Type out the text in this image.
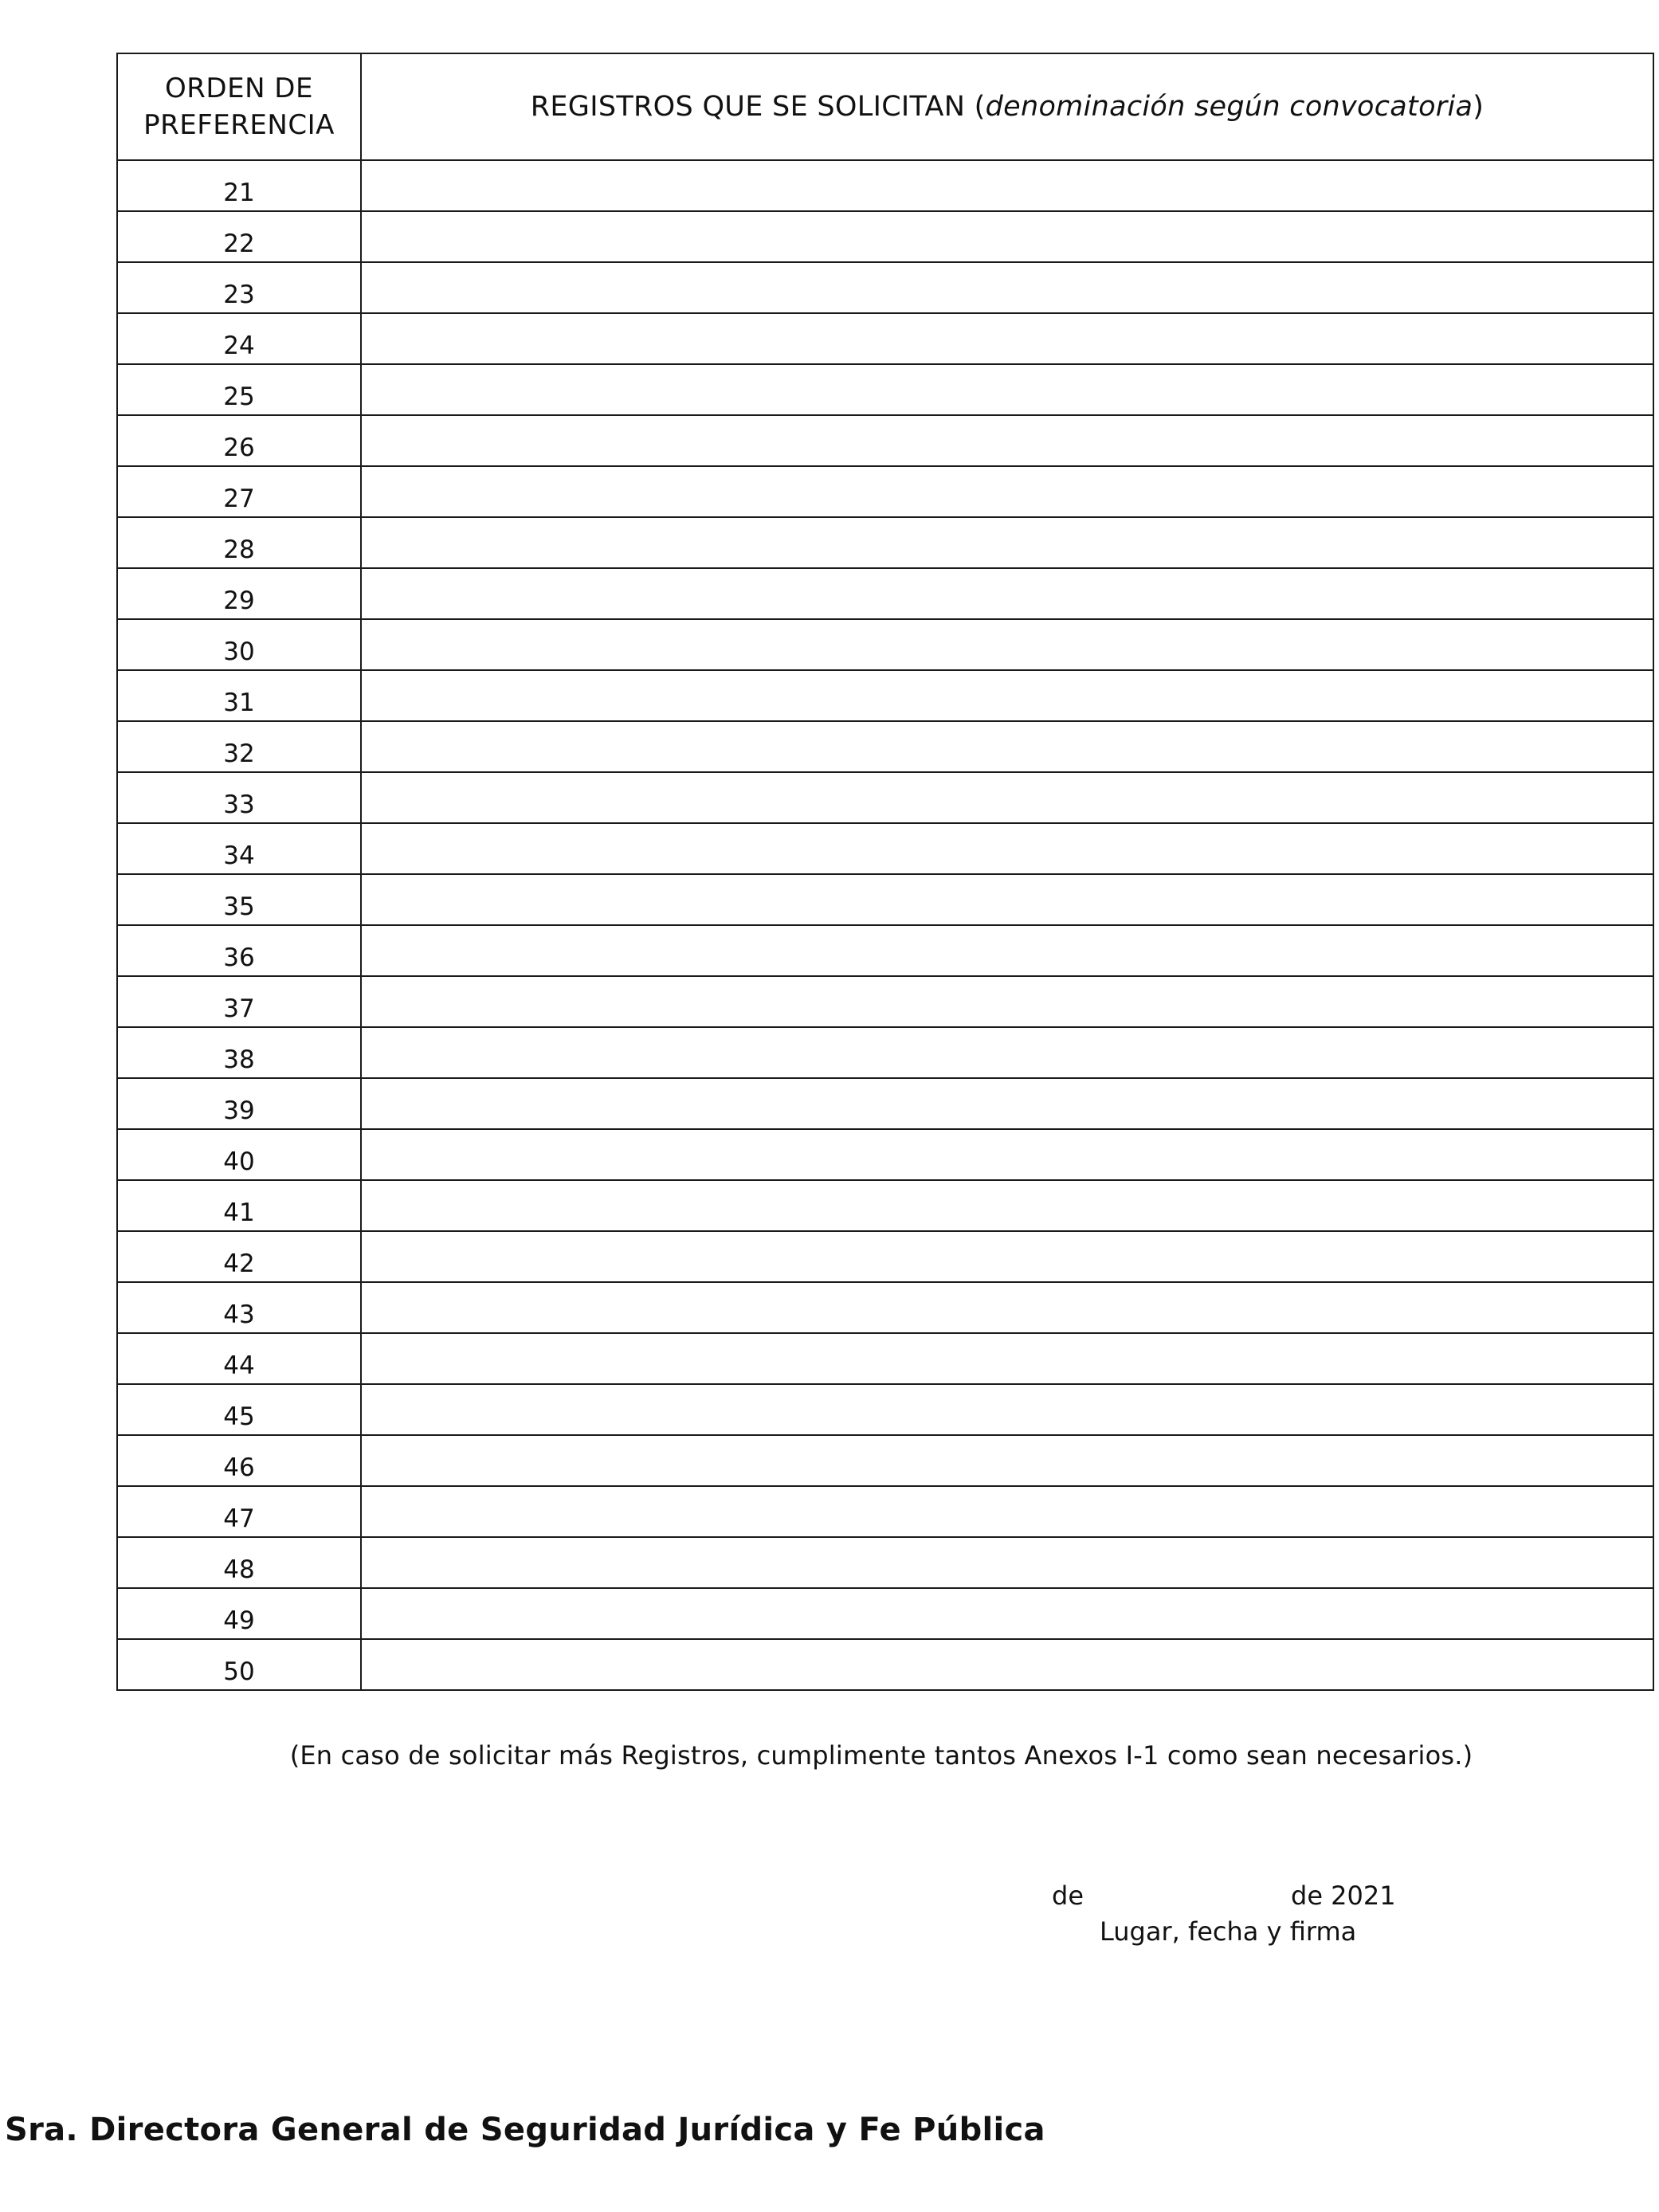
ORDEN DE
PREFERENCIA	REGISTROS QUE SE SOLICITAN (denominación según convocatoria)
21	
22	
23	
24	
25	
26	
27	
28	
29	
30	
31	
32	
33	
34	
35	
36	
37	
38	
39	
40	
41	
42	
43	
44	
45	
46	
47	
48	
49	
50	
(En caso de solicitar más Registros, cumplimente tantos Anexos I-1 como sean necesarios.)
de	de 2021
Lugar, fecha y firma
Sra. Directora General de Seguridad Jurídica y Fe Pública
